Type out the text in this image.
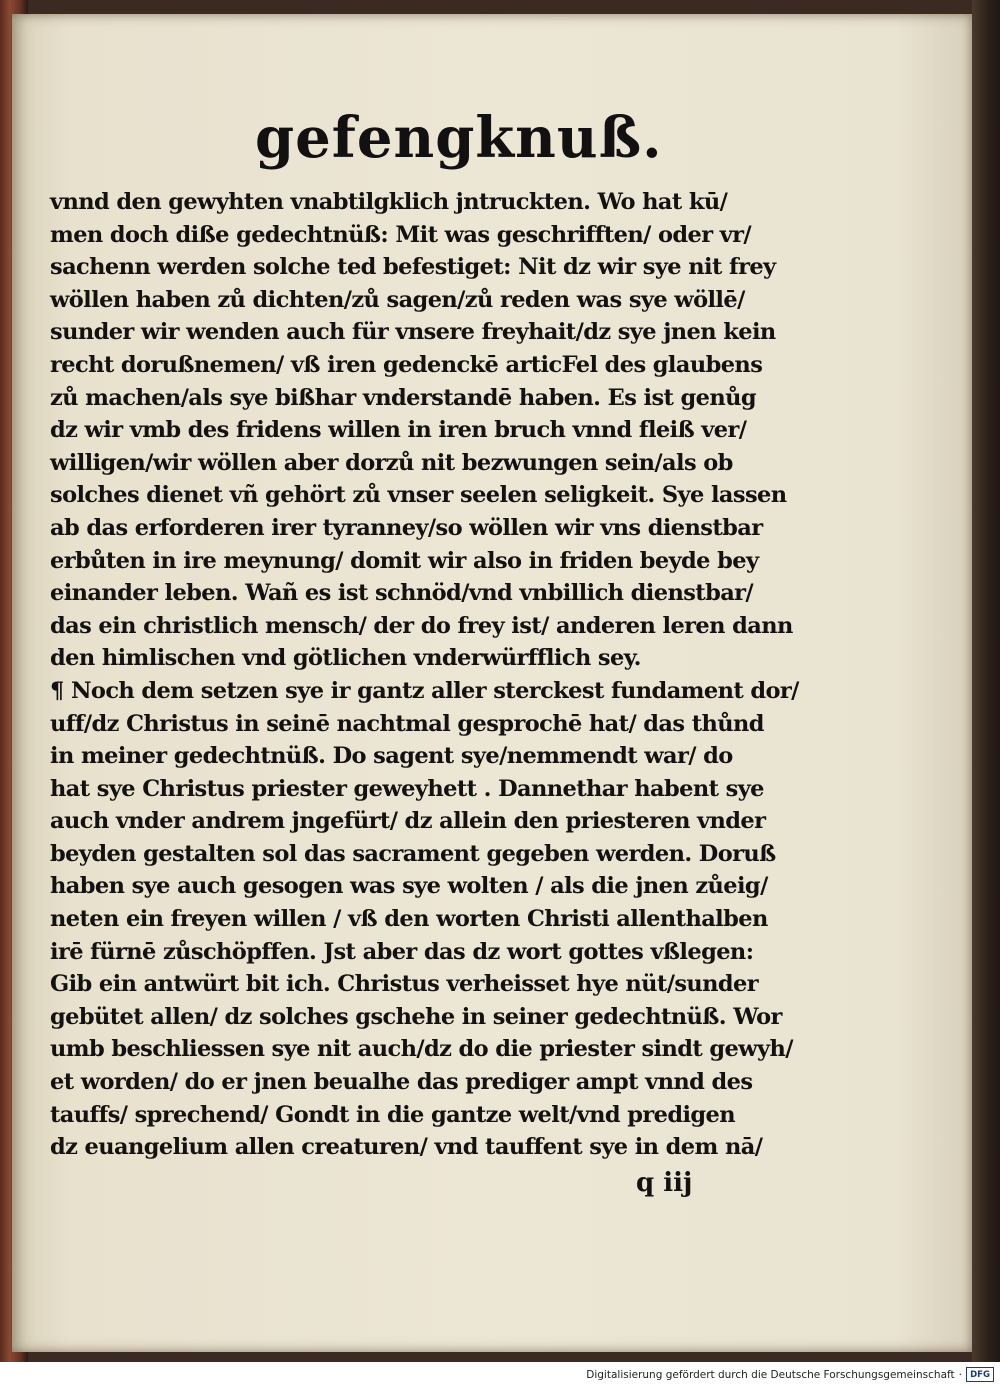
gefengknuß.
vnnd den gewyhten vnabtilgklich jntruckten. Wo hat kū/
men doch diße gedechtnüß: Mit was geschrifften/ oder vr/
sachenn werden solche ted befestiget: Nit dz wir sye nit frey
wöllen haben zů dichten/zů sagen/zů reden was sye wöllē/
sunder wir wenden auch für vnsere freyhait/dz sye jnen kein
recht dorußnemen/ vß iren gedenckē articFel des glaubens
zů machen/als sye bißhar vnderstandē haben. Es ist genůg
dz wir vmb des fridens willen in iren bruch vnnd fleiß ver/
willigen/wir wöllen aber dorzů nit bezwungen sein/als ob
solches dienet vñ gehört zů vnser seelen seligkeit. Sye lassen
ab das erforderen irer tyranney/so wöllen wir vns dienstbar
erbůten in ire meynung/ domit wir also in friden beyde bey
einander leben. Wañ es ist schnöd/vnd vnbillich dienstbar/
das ein christlich mensch/ der do frey ist/ anderen leren dann
den himlischen vnd götlichen vnderwürfflich sey.
¶ Noch dem setzen sye ir gantz aller sterckest fundament dor/
uff/dz Christus in seinē nachtmal gesprochē hat/ das thůnd
in meiner gedechtnüß. Do sagent sye/nemmendt war/ do
hat sye Christus priester geweyhett . Dannethar habent sye
auch vnder andrem jngefürt/ dz allein den priesteren vnder
beyden gestalten sol das sacrament gegeben werden. Doruß
haben sye auch gesogen was sye wolten / als die jnen zůeig/
neten ein freyen willen / vß den worten Christi allenthalben
irē fürnē zůschöpffen. Jst aber das dz wort gottes vßlegen:
Gib ein antwürt bit ich. Christus verheisset hye nüt/sunder
gebütet allen/ dz solches gschehe in seiner gedechtnüß. Wor
umb beschliessen sye nit auch/dz do die priester sindt gewyh/
et worden/ do er jnen beualhe das prediger ampt vnnd des
tauffs/ sprechend/ Gondt in die gantze welt/vnd predigen
dz euangelium allen creaturen/ vnd tauffent sye in dem nā/
q iij
Digitalisierung gefördert durch die Deutsche Forschungsgemeinschaft · DFG
